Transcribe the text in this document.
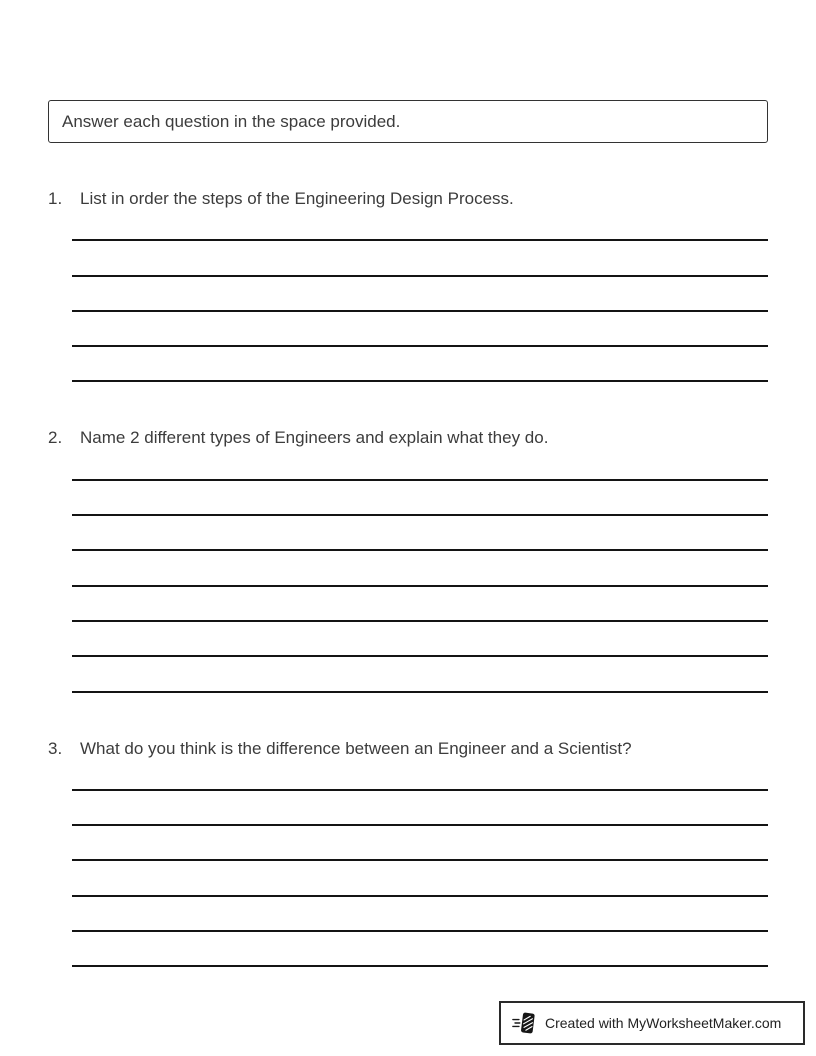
Answer each question in the space provided.
1.	List in order the steps of the Engineering Design Process.
2.	Name 2 different types of Engineers and explain what they do.
3.	What do you think is the difference between an Engineer and a Scientist?
Created with MyWorksheetMaker.com
